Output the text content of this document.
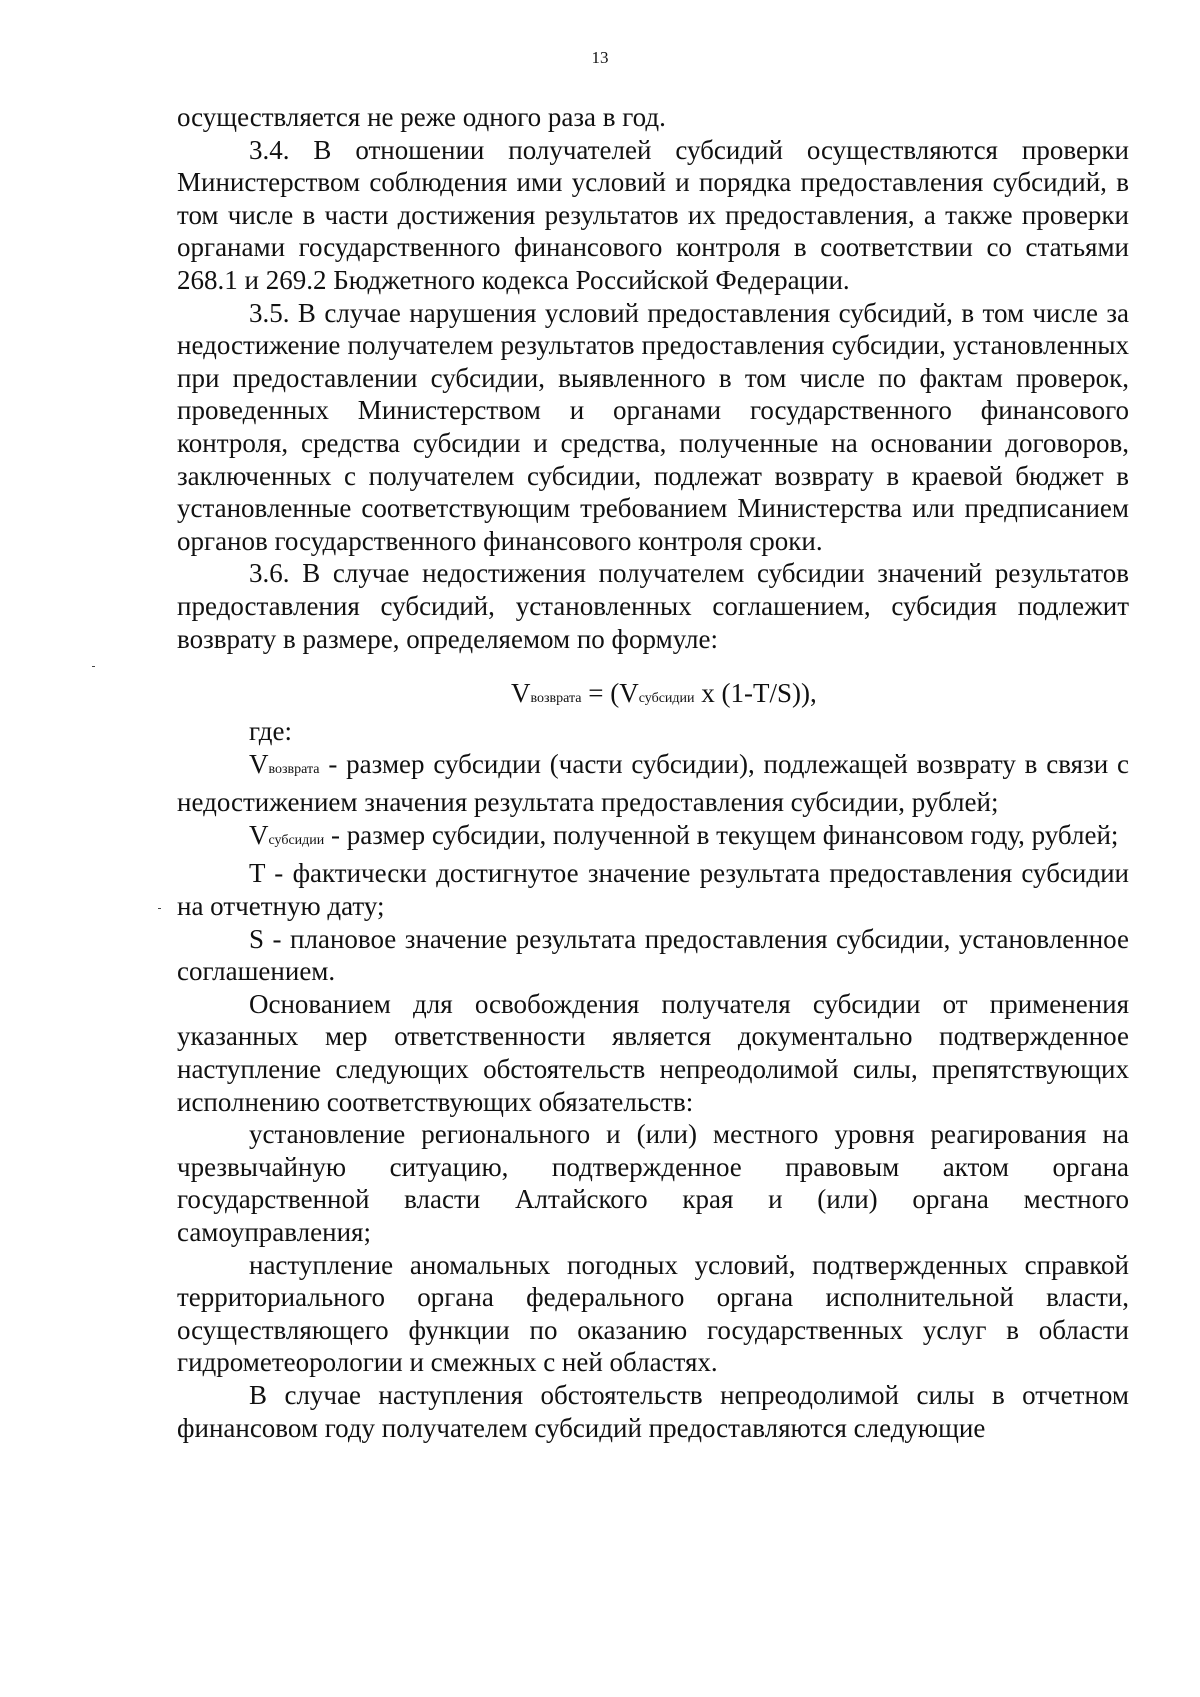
13

осуществляется не реже одного раза в год.

3.4. В отношении получателей субсидий осуществляются проверки Министерством соблюдения ими условий и порядка предоставления субсидий, в том числе в части достижения результатов их предоставления, а также проверки органами государственного финансового контроля в соответствии со статьями 268.1 и 269.2 Бюджетного кодекса Российской Федерации.

3.5. В случае нарушения условий предоставления субсидий, в том числе за недостижение получателем результатов предоставления субсидии, установленных при предоставлении субсидии, выявленного в том числе по фактам проверок, проведенных Министерством и органами государственного финансового контроля, средства субсидии и средства, полученные на основании договоров, заключенных с получателем субсидии, подлежат возврату в краевой бюджет в установленные соответствующим требованием Министерства или предписанием органов государственного финансового контроля сроки.

3.6. В случае недостижения получателем субсидии значений результатов предоставления субсидий, установленных соглашением, субсидия подлежит возврату в размере, определяемом по формуле:

Vвозврата = (Vсубсидии х (1-T/S)),

где:

Vвозврата - размер субсидии (части субсидии), подлежащей возврату в связи с недостижением значения результата предоставления субсидии, рублей;

Vсубсидии - размер субсидии, полученной в текущем финансовом году, рублей;

T - фактически достигнутое значение результата предоставления субсидии на отчетную дату;

S - плановое значение результата предоставления субсидии, установленное соглашением.

Основанием для освобождения получателя субсидии от применения указанных мер ответственности является документально подтвержденное наступление следующих обстоятельств непреодолимой силы, препятствующих исполнению соответствующих обязательств:

установление регионального и (или) местного уровня реагирования на чрезвычайную ситуацию, подтвержденное правовым актом органа государственной власти Алтайского края и (или) органа местного самоуправления;

наступление аномальных погодных условий, подтвержденных справкой территориального органа федерального органа исполнительной власти, осуществляющего функции по оказанию государственных услуг в области гидрометеорологии и смежных с ней областях.

В случае наступления обстоятельств непреодолимой силы в отчетном финансовом году получателем субсидий предоставляются следующие
